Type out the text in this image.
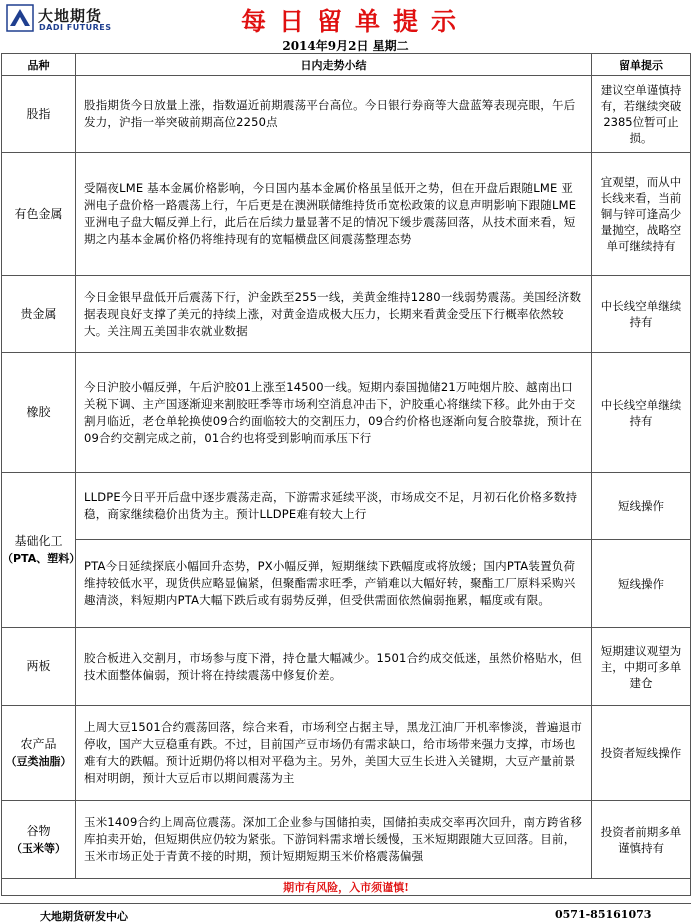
大地期货
DADI FUTURES	每日留单提示
2014年9月2日 星期二
品种	日内走势小结	留单提示
股指	股指期货今日放量上涨，指数逼近前期震荡平台高位。今日银行券商等大盘蓝筹表现亮眼，午后发力，沪指一举突破前期高位2250点	建议空单谨慎持有，若继续突破2385位暂可止损。
有色金属	受隔夜LME 基本金属价格影响，今日国内基本金属价格虽呈低开之势，但在开盘后跟随LME 亚洲电子盘价格一路震荡上行，午后更是在澳洲联储维持货币宽松政策的议息声明影响下跟随LME 亚洲电子盘大幅反弹上行，此后在后续力量显著不足的情况下缓步震荡回落，从技术面来看，短期之内基本金属价格仍将维持现有的宽幅横盘区间震荡整理态势	宜观望，而从中长线来看，当前铜与锌可逢高少量抛空，战略空单可继续持有
贵金属	今日金银早盘低开后震荡下行，沪金跌至255一线，美黄金维持1280一线弱势震荡。美国经济数据表现良好支撑了美元的持续上涨，对黄金造成极大压力，长期来看黄金受压下行概率依然较大。关注周五美国非农就业数据	中长线空单继续持有
橡胶	今日沪胶小幅反弹，午后沪胶01上涨至14500一线。短期内泰国抛储21万吨烟片胶、越南出口关税下调、主产国逐渐迎来割胶旺季等市场利空消息冲击下，沪胶重心将继续下移。此外由于交割月临近，老仓单轮换使09合约面临较大的交割压力，09合约价格也逐渐向复合胶靠拢，预计在09合约交割完成之前，01合约也将受到影响而承压下行	中长线空单继续持有
基础化工
（PTA、塑料）	LLDPE今日平开后盘中逐步震荡走高，下游需求延续平淡，市场成交不足，月初石化价格多数持稳，商家继续稳价出货为主。预计LLDPE难有较大上行	短线操作
	PTA今日延续探底小幅回升态势，PX小幅反弹，短期继续下跌幅度或将放缓；国内PTA装置负荷维持较低水平，现货供应略显偏紧，但聚酯需求旺季，产销难以大幅好转，聚酯工厂原料采购兴趣清淡，料短期内PTA大幅下跌后或有弱势反弹，但受供需面依然偏弱拖累，幅度或有限。	短线操作
两板	胶合板进入交割月，市场参与度下滑，持仓量大幅减少。1501合约成交低迷，虽然价格贴水，但技术面整体偏弱，预计将在持续震荡中修复价差。	短期建议观望为主，中期可多单建仓
农产品
（豆类油脂）	上周大豆1501合约震荡回落，综合来看，市场利空占据主导，黑龙江油厂开机率惨淡，普遍退市停收，国产大豆稳重有跌。不过，目前国产豆市场仍有需求缺口，给市场带来强力支撑，市场也难有大的跌幅。预计近期仍将以相对平稳为主。另外，美国大豆生长进入关键期，大豆产量前景相对明朗，预计大豆后市以期间震荡为主	投资者短线操作
谷物
（玉米等）	玉米1409合约上周高位震荡。深加工企业参与国储拍卖，国储拍卖成交率再次回升，南方跨省移库拍卖开始，但短期供应仍较为紧张。下游饲料需求增长缓慢，玉米短期跟随大豆回落。目前，玉米市场正处于青黄不接的时期，预计短期短期玉米价格震荡偏强	投资者前期多单谨慎持有
期市有风险，入市须谨慎!		
大地期货研发中心	0571-85161073
